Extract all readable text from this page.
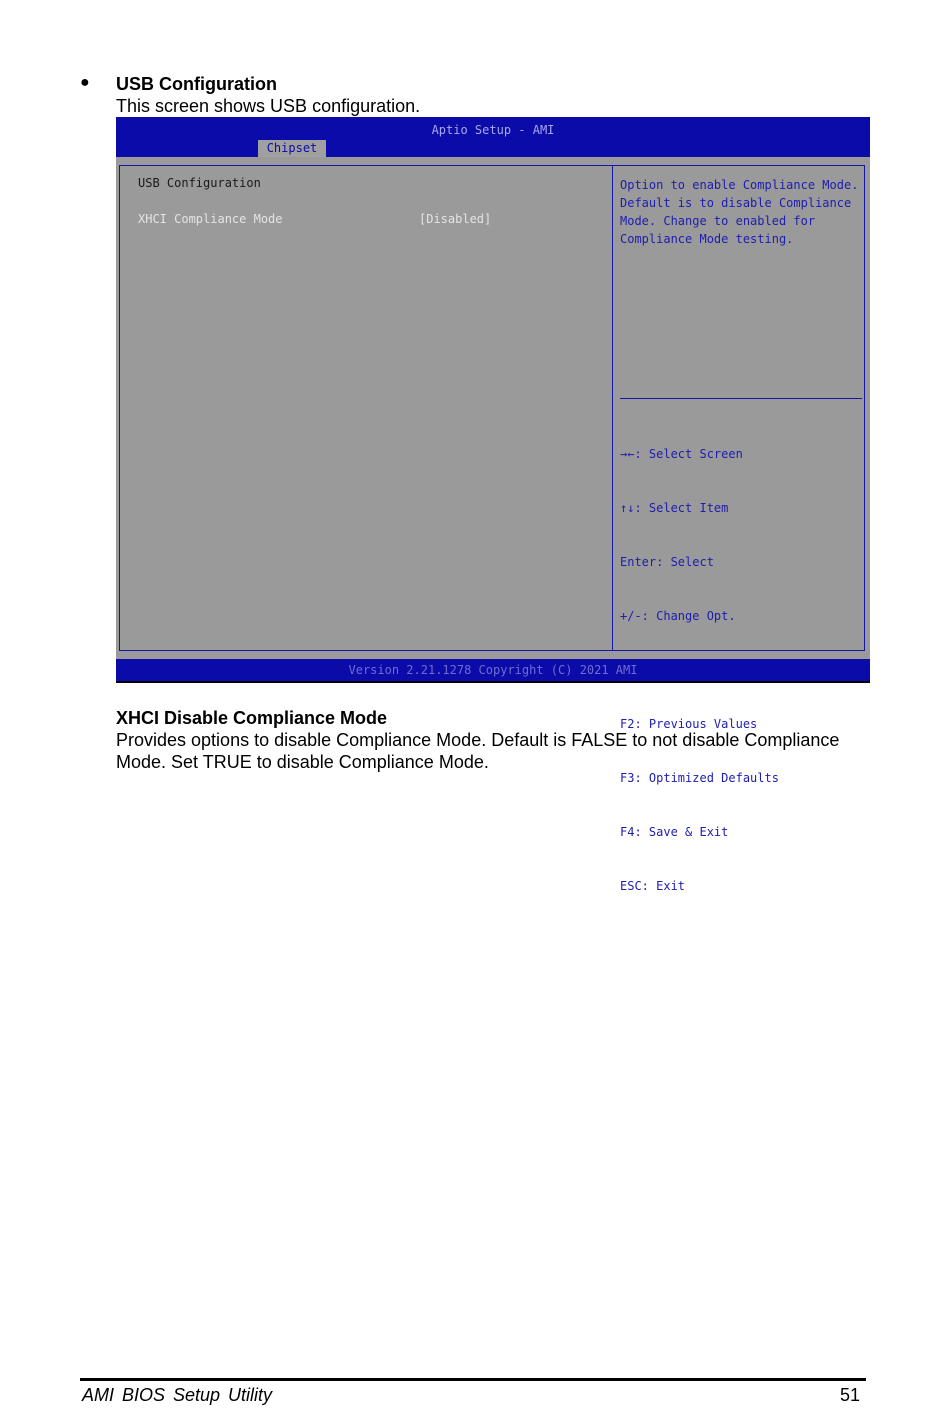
● USB Configuration
This screen shows USB configuration.
Aptio Setup - AMI
Chipset
USB Configuration
XHCI Compliance Mode	[Disabled]
Option to enable Compliance Mode. Default is to disable Compliance Mode. Change to enabled for Compliance Mode testing.

→←: Select Screen

↑↓: Select Item

Enter: Select

+/-: Change Opt.

F2: Previous Values

F3: Optimized Defaults

F4: Save & Exit

ESC: Exit

Version 2.21.1278 Copyright (C) 2021 AMI
XHCI Disable Compliance Mode
Provides options to disable Compliance Mode. Default is FALSE to not disable Compliance Mode. Set TRUE to disable Compliance Mode.
AMI BIOS Setup Utility	51
